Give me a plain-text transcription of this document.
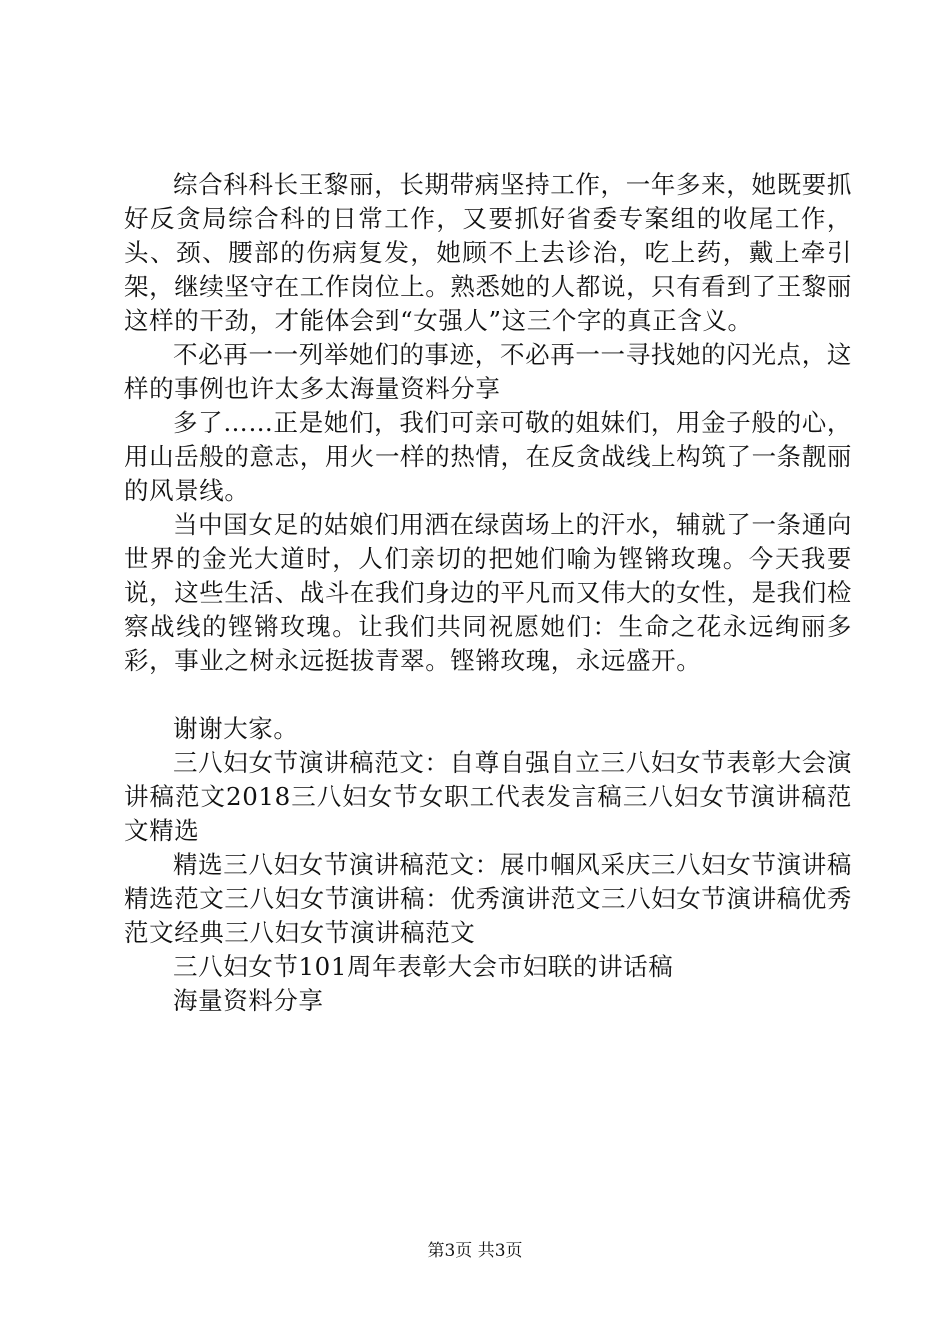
综合科科长王黎丽，长期带病坚持工作，一年多来，她既要抓好反贪局综合科的日常工作，又要抓好省委专案组的收尾工作，头、颈、腰部的伤病复发，她顾不上去诊治，吃上药，戴上牵引架，继续坚守在工作岗位上。熟悉她的人都说，只有看到了王黎丽这样的干劲，才能体会到“女强人”这三个字的真正含义。

不必再一一列举她们的事迹，不必再一一寻找她的闪光点，这样的事例也许太多太海量资料分享

多了……正是她们，我们可亲可敬的姐妹们，用金子般的心，用山岳般的意志，用火一样的热情，在反贪战线上构筑了一条靓丽的风景线。

当中国女足的姑娘们用洒在绿茵场上的汗水，辅就了一条通向世界的金光大道时，人们亲切的把她们喻为铿锵玫瑰。今天我要说，这些生活、战斗在我们身边的平凡而又伟大的女性，是我们检察战线的铿锵玫瑰。让我们共同祝愿她们：生命之花永远绚丽多彩，事业之树永远挺拔青翠。铿锵玫瑰，永远盛开。

谢谢大家。

三八妇女节演讲稿范文：自尊自强自立三八妇女节表彰大会演讲稿范文2018三八妇女节女职工代表发言稿三八妇女节演讲稿范文精选

精选三八妇女节演讲稿范文：展巾帼风采庆三八妇女节演讲稿精选范文三八妇女节演讲稿：优秀演讲范文三八妇女节演讲稿优秀范文经典三八妇女节演讲稿范文

三八妇女节101周年表彰大会市妇联的讲话稿

海量资料分享

第3页 共3页
